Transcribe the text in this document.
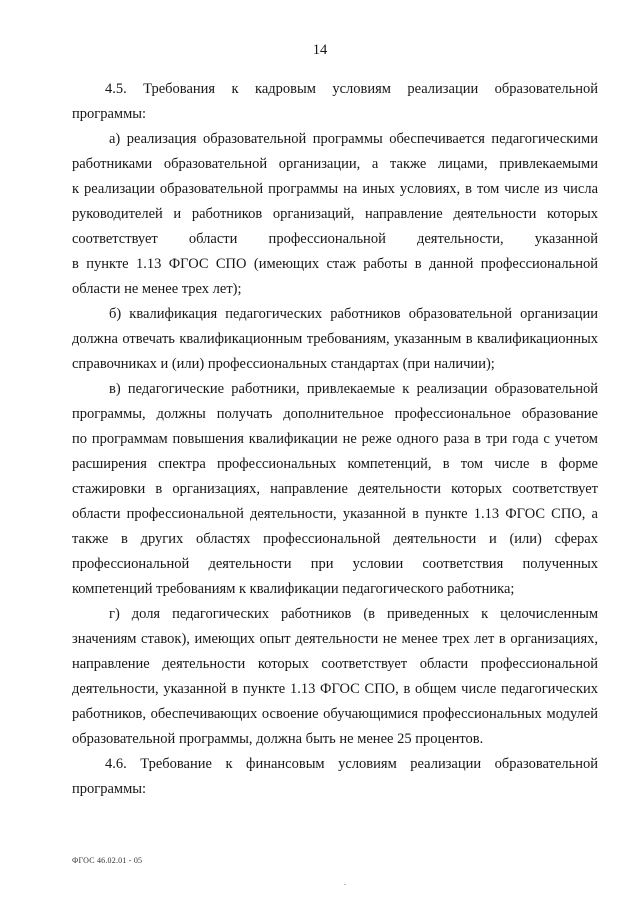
14
4.5. Требования к кадровым условиям реализации образовательной
программы:
а) реализация образовательной программы обеспечивается педагогическими
работниками образовательной организации, а также лицами, привлекаемыми
к реализации образовательной программы на иных условиях, в том числе из числа
руководителей и работников организаций, направление деятельности которых
соответствует области профессиональной деятельности, указанной
в пункте 1.13 ФГОС СПО (имеющих стаж работы в данной профессиональной
области не менее трех лет);
б) квалификация педагогических работников образовательной организации
должна отвечать квалификационным требованиям, указанным в квалификационных
справочниках и (или) профессиональных стандартах (при наличии);
в) педагогические работники, привлекаемые к реализации образовательной
программы, должны получать дополнительное профессиональное образование
по программам повышения квалификации не реже одного раза в три года с учетом
расширения спектра профессиональных компетенций, в том числе в форме
стажировки в организациях, направление деятельности которых соответствует
области профессиональной деятельности, указанной в пункте 1.13 ФГОС СПО, а
также в других областях профессиональной деятельности и (или) сферах
профессиональной деятельности при условии соответствия полученных
компетенций требованиям к квалификации педагогического работника;
г) доля педагогических работников (в приведенных к целочисленным
значениям ставок), имеющих опыт деятельности не менее трех лет в организациях,
направление деятельности которых соответствует области профессиональной
деятельности, указанной в пункте 1.13 ФГОС СПО, в общем числе педагогических
работников, обеспечивающих освоение обучающимися профессиональных модулей
образовательной программы, должна быть не менее 25 процентов.
4.6. Требование к финансовым условиям реализации образовательной
программы:
ФГОС 46.02.01 - 05
